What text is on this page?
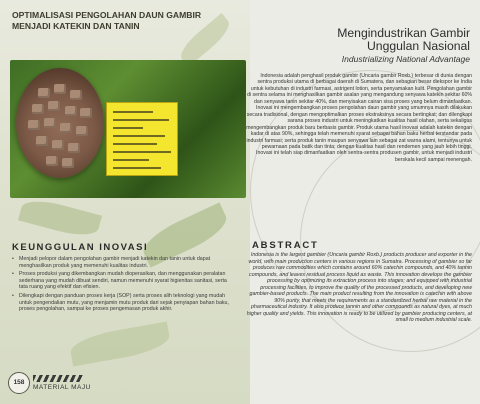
OPTIMALISASI PENGOLAHAN DAUN GAMBIR
MENJADI KATEKIN DAN TANIN
KEUNGGULAN INOVASI
• Menjadi pelopor dalam pengolahan gambir menjadi katekin dan tanin untuk dapat menghasilkan produk yang memenuhi kualitas industri.
• Proses produksi yang dikembangkan mudah dioperasikan, dan menggunakan peralatan sederhana yang mudah dibuat sendiri, namun memenuhi syarat higienitas sanitasi, serta tata ruang yang efektif dan efisien.
• Dilengkapi dengan panduan proses kerja (SOP) serta proses alih teknologi yang mudah untuk pengendalian mutu, yang menjamin mutu produk dari sejak penyiapan bahan baku, proses pengolahan, sampai ke proses pengemasan produk akhir.
158
MATERIAL MAJU
Mengindustrikan Gambir
Unggulan Nasional
Industrializing National Advantage

Indonesia adalah penghasil produk gambir (Uncaria gambir Roxb.) terbesar di dunia dengan sentra produksi utama di berbagai daerah di Sumatera, dan sebagian besar diekspor ke India untuk kebutuhan di industri farmasi, astrigent lotion, serta penyamakan kulit. Pengolahan gambir di sentra selama ini menghasilkan gambir asalan yang mengandung senyawa katekin sekitar 60% dan senyawa tanin sekitar 40%, dan menyisakan cairan sisa proses yang belum dimanfaatkan. Inovasi ini mengembangkan proses pengolahan daun gambir yang umumnya masih dilakukan secara tradisional, dengan mengoptimalkan proses ekstraksinya secara bertingkat; dan dilengkapi sarana proses industri untuk meningkatkan kualitas hasil olahan, serta sekaligus mengembangkan produk baru berbasis gambir. Produk utama hasil inovasi adalah katekin dengan kadar di atas 90%, sehingga telah memenuhi syarat sebagai bahan baku herbal terstandar pada industri farmasi; serta produk tanin maupun senyawa lain sebagai zat warna alami, tentunya untuk pewarnaan pada batik dan tinta; dengan kualitas hasil dan rendemen yang jauh lebih tinggi. Inovasi ini telah siap dimanfaatkan oleh sentra-sentra produsen gambir, untuk menjadi industri berskala kecil sampai menengah.

ABSTRACT
Indonesia is the largest gambier (Uncaria gambir Roxb.) products producer and exporter in the world, with main production centers in various regions in Sumatra. Processing of gambier so far produces raw commodities which contains around 60% catechin compounds, and 40% tannin compounds, and leaves residual process liquid as waste. This innovation develops the gambier processing by optimizing its extraction process into stages; and equipped with industrial processing facilities, to improve the quality of the processed products, and developing new gambier-based products. The main product resulting from the innovation is catechin with above 90% purity, that meets the requirements as a standardized herbal raw material in the pharmaceutical industry. It also produce tannin and other compounds as natural dyes, at much higher quality and yields. This innovation is ready to be utilized by gambier producing centers, at small to medium industrial scale.
